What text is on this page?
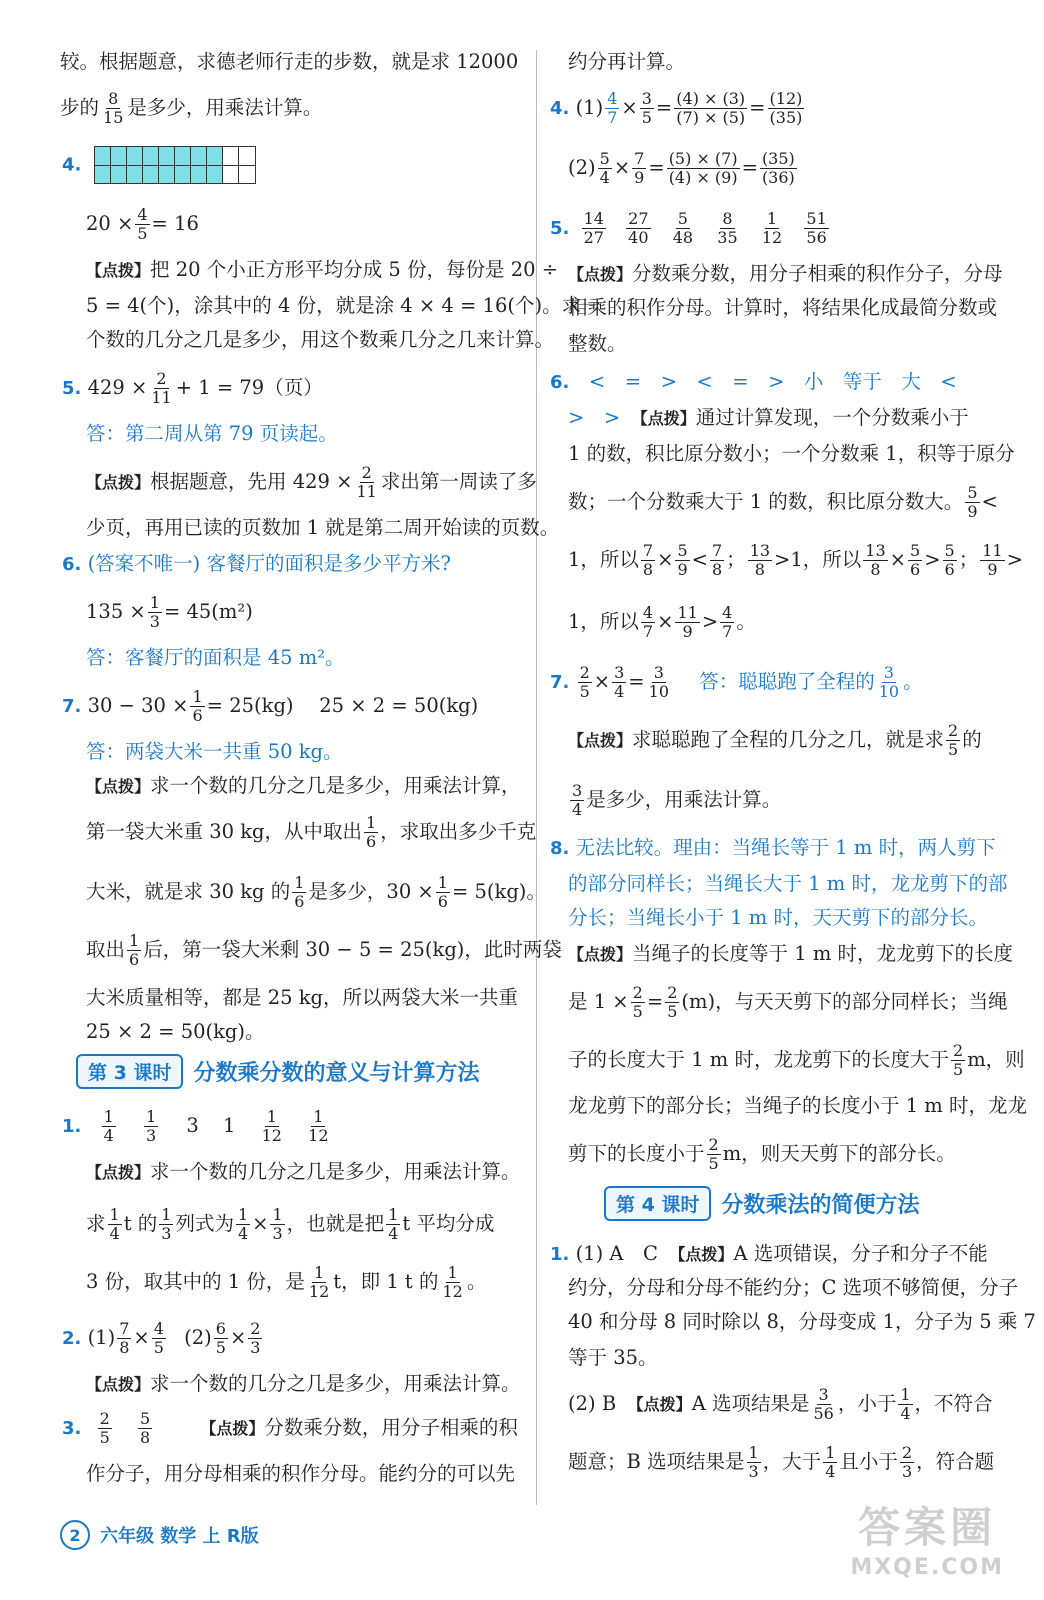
较。根据题意，求德老师行走的步数，就是求 12000
步的 $\frac{8}{15}$ 是多少，用乘法计算。
4.
$20 \times \frac{4}{5} = 16$
【点拨】把 20 个小正方形平均分成 5 份，每份是 20 ÷
5 = 4(个)，涂其中的 4 份，就是涂 4 × 4 = 16(个)。求一
个数的几分之几是多少，用这个数乘几分之几来计算。
5. $429 \times \frac{2}{11} + 1 = 79$（页）
答：第二周从第 79 页读起。
【点拨】根据题意，先用 $429 \times \frac{2}{11}$ 求出第一周读了多
少页，再用已读的页数加 1 就是第二周开始读的页数。
6. (答案不唯一) 客餐厅的面积是多少平方米?
$135 \times \frac{1}{3} = 45(m^2)$
答：客餐厅的面积是 45 m²。
7. $30 - 30 \times \frac{1}{6} = 25(kg)$　 25 × 2 = 50(kg)
答：两袋大米一共重 50 kg。
【点拨】求一个数的几分之几是多少，用乘法计算，
第一袋大米重 30 kg，从中取出 $\frac{1}{6}$ ，求取出多少千克
大米，就是求 30 kg 的 $\frac{1}{6}$ 是多少，$30 \times \frac{1}{6} = 5(kg)$。
取出 $\frac{1}{6}$ 后，第一袋大米剩 30 − 5 = 25(kg)，此时两袋
大米质量相等，都是 25 kg，所以两袋大米一共重
25 × 2 = 50(kg)。
第 3 课时	分数乘分数的意义与计算方法
1. $\frac{1}{4}$
$\frac{1}{3} 3$ $1 \frac{1}{12}$
$\frac{1}{12}$
【点拨】求一个数的几分之几是多少，用乘法计算。
求 $\frac{1}{4}$ t 的 $\frac{1}{3}$ 列式为 $\frac{1}{4} \times \frac{1}{3}$ ，也就是把 $\frac{1}{4}$ t 平均分成
3 份，取其中的 1 份，是 $\frac{1}{12}$ t，即 1 t 的 $\frac{1}{12}$ 。
2. $(1) \frac{7}{8} \times \frac{4}{5} (2) \frac{6}{5} \times \frac{2}{3}$
【点拨】求一个数的几分之几是多少，用乘法计算。
3. $\frac{2}{5}$
$\frac{5}{8}$	【点拨】分数乘分数，用分子相乘的积
作分子，用分母相乘的积作分母。能约分的可以先
约分再计算。
4. $(1) \frac{4}{7} \times \frac{3}{5} = \frac{(4) \times (3)}{(7) \times (5)} = \frac{(12)}{(35)}$
$(2) \frac{5}{4} \times \frac{7}{9} = \frac{(5) \times (7)}{(4) \times (9)} = \frac{(35)}{(36)}$
5. $\frac{14}{27}$
$\frac{27}{40}$
$\frac{5}{48}$
$\frac{8}{35}$
$\frac{1}{12}$
$\frac{51}{56}$
【点拨】分数乘分数，用分子相乘的积作分子，分母
相乘的积作分母。计算时，将结果化成最简分数或
整数。
6.　 <　=　>　<　=　>　小　等于　大　<
>　>　 【点拨】通过计算发现，一个分数乘小于
1 的数，积比原分数小；一个分数乘 1，积等于原分
数；一个分数乘大于 1 的数，积比原分数大。 $\frac{5}{9}$ <
1，所以 $\frac{7}{8} \times \frac{5}{9} < \frac{7}{8}$ ； $\frac{13}{8} >1$，所以 $\frac{13}{8} \times \frac{5}{6} > \frac{5}{6}$ ； $\frac{11}{9}$ >
1，所以 $\frac{4}{7} \times \frac{11}{9} > \frac{4}{7}$ 。
7. $\frac{2}{5} \times \frac{3}{4} = \frac{3}{10}$ 答：聪聪跑了全程的 $\frac{3}{10}$ 。
【点拨】求聪聪跑了全程的几分之几，就是求 $\frac{2}{5}$ 的
$\frac{3}{4}$ 是多少，用乘法计算。
8. 无法比较。理由：当绳长等于 1 m 时，两人剪下
的部分同样长；当绳长大于 1 m 时，龙龙剪下的部
分长；当绳长小于 1 m 时，天天剪下的部分长。
【点拨】当绳子的长度等于 1 m 时，龙龙剪下的长度
是 $1 \times \frac{2}{5} = \frac{2}{5} (m)$，与天天剪下的部分同样长；当绳
子的长度大于 1 m 时，龙龙剪下的长度大于 $\frac{2}{5}$ m，则
龙龙剪下的部分长；当绳子的长度小于 1 m 时，龙龙
剪下的长度小于 $\frac{2}{5}$ m，则天天剪下的部分长。
1. (1) A　C　 【点拨】A 选项错误，分子和分子不能
约分，分母和分母不能约分；C 选项不够简便，分子
40 和分母 8 同时除以 8，分母变成 1，分子为 5 乘 7
等于 35。
(2) B　 【点拨】A 选项结果是 $\frac{3}{56}$ ，小于 $\frac{1}{4}$ ，不符合
题意；B 选项结果是 $\frac{1}{3}$ ，大于 $\frac{1}{4}$ 且小于 $\frac{2}{3}$ ，符合题
第 4 课时	分数乘法的简便方法
2	六年级 数学 上 R版	答案圈
MXQE.COM
